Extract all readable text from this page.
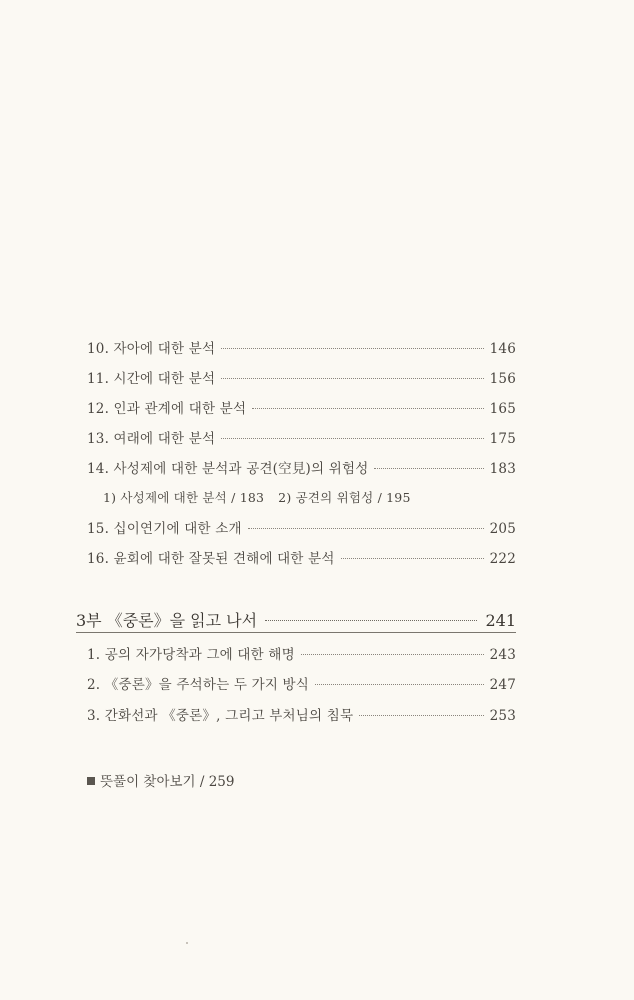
10. 자아에 대한 분석	146
11. 시간에 대한 분석	156
12. 인과 관계에 대한 분석	165
13. 여래에 대한 분석	175
14. 사성제에 대한 분석과 공견(空見)의 위험성	183
1) 사성제에 대한 분석 / 183 2) 공견의 위험성 / 195
15. 십이연기에 대한 소개	205
16. 윤회에 대한 잘못된 견해에 대한 분석	222
3부 《중론》을 읽고 나서	241
1. 공의 자가당착과 그에 대한 해명	243
2. 《중론》을 주석하는 두 가지 방식	247
3. 간화선과 《중론》, 그리고 부처님의 침묵	253
뜻풀이 찾아보기 / 259
